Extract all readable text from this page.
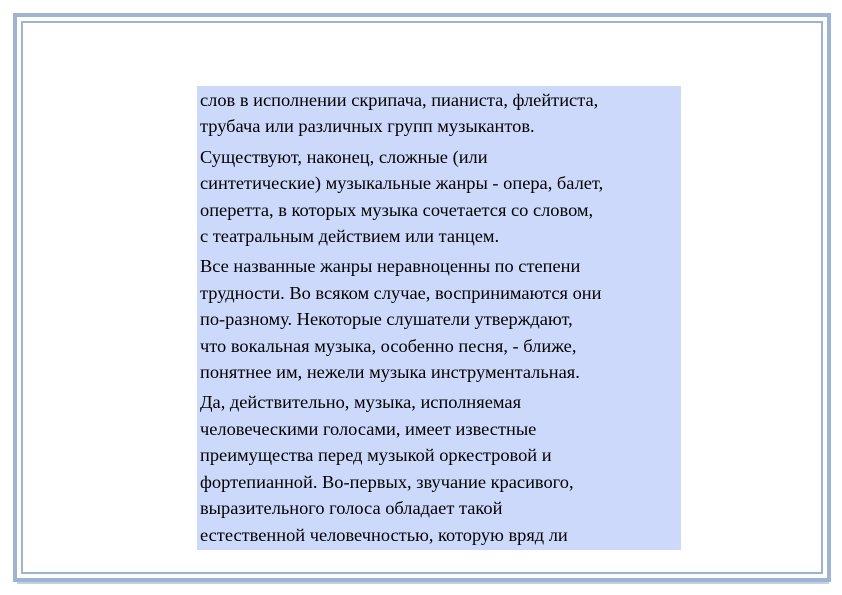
слов в исполнении скрипача, пианиста, флейтиста,
трубача или различных групп музыкантов.

Существуют, наконец, сложные (или
синтетические) музыкальные жанры - опера, балет,
оперетта, в которых музыка сочетается со словом,
с театральным действием или танцем.

Все названные жанры неравноценны по степени
трудности. Во всяком случае, воспринимаются они
по-разному. Некоторые слушатели утверждают,
что вокальная музыка, особенно песня, - ближе,
понятнее им, нежели музыка инструментальная.

Да, действительно, музыка, исполняемая
человеческими голосами, имеет известные
преимущества перед музыкой оркестровой и
фортепианной. Во-первых, звучание красивого,
выразительного голоса обладает такой
естественной человечностью, которую вряд ли
